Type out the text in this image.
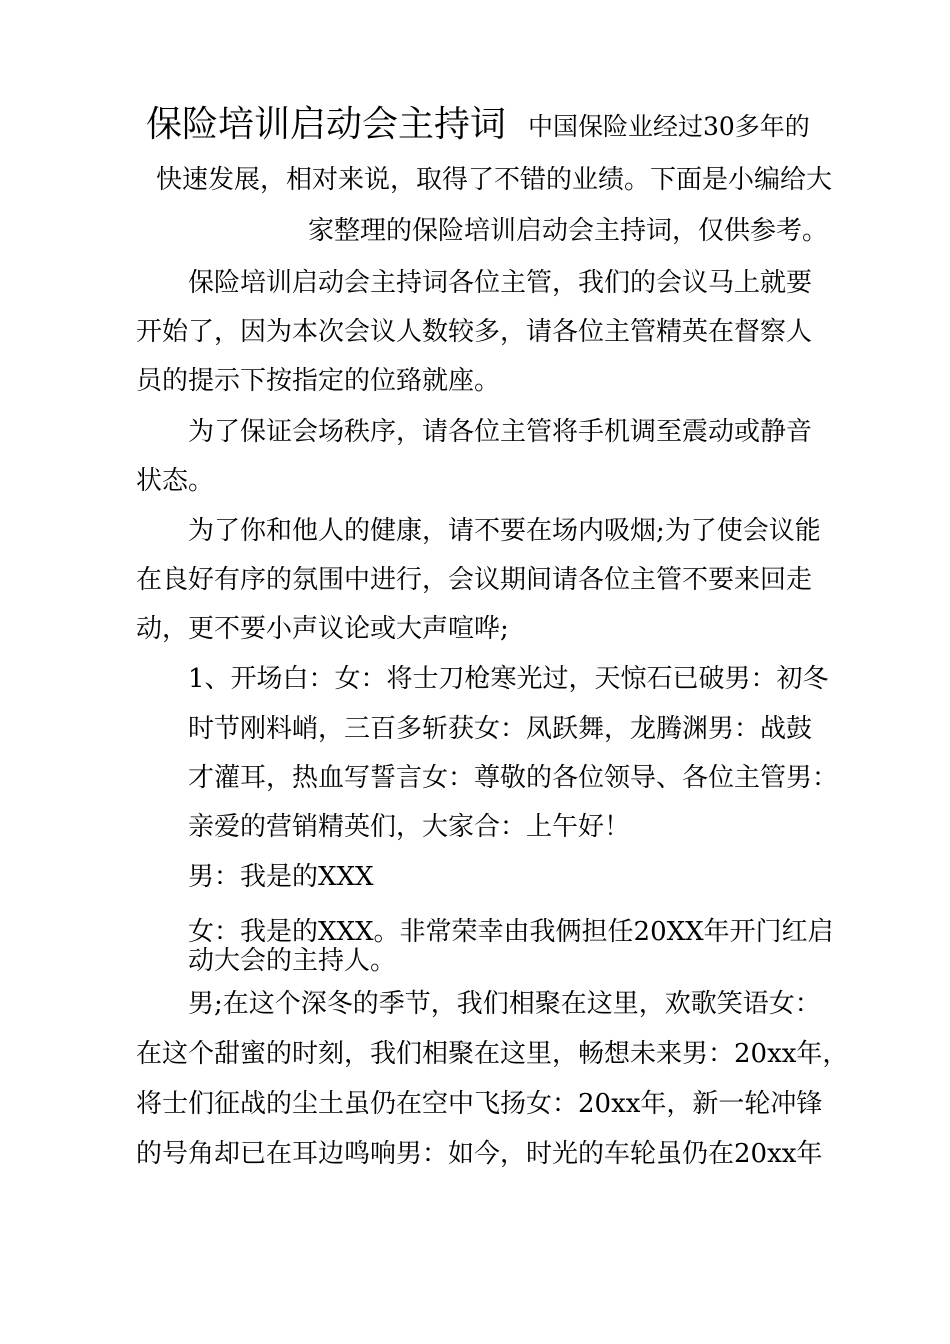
保险培训启动会主持词 中国保险业经过30多年的
快速发展，相对来说，取得了不错的业绩。下面是小编给大
家整理的保险培训启动会主持词，仅供参考。
保险培训启动会主持词各位主管，我们的会议马上就要
开始了，因为本次会议人数较多，请各位主管精英在督察人
员的提示下按指定的位臵就座。
为了保证会场秩序，请各位主管将手机调至震动或静音
状态。
为了你和他人的健康，请不要在场内吸烟;为了使会议能
在良好有序的氛围中进行，会议期间请各位主管不要来回走
动，更不要小声议论或大声喧哗;
1、开场白：女：将士刀枪寒光过，天惊石已破男：初冬
时节刚料峭，三百多斩获女：凤跃舞，龙腾渊男：战鼓
才灌耳，热血写誓言女：尊敬的各位领导、各位主管男：
亲爱的营销精英们，大家合：上午好！
男：我是的XXX
女：我是的XXX。非常荣幸由我俩担任20XX年开门红启
动大会的主持人。
男;在这个深冬的季节，我们相聚在这里，欢歌笑语女：
在这个甜蜜的时刻，我们相聚在这里，畅想未来男：20xx年，
将士们征战的尘土虽仍在空中飞扬女：20xx年，新一轮冲锋
的号角却已在耳边鸣响男：如今，时光的车轮虽仍在20xx年
